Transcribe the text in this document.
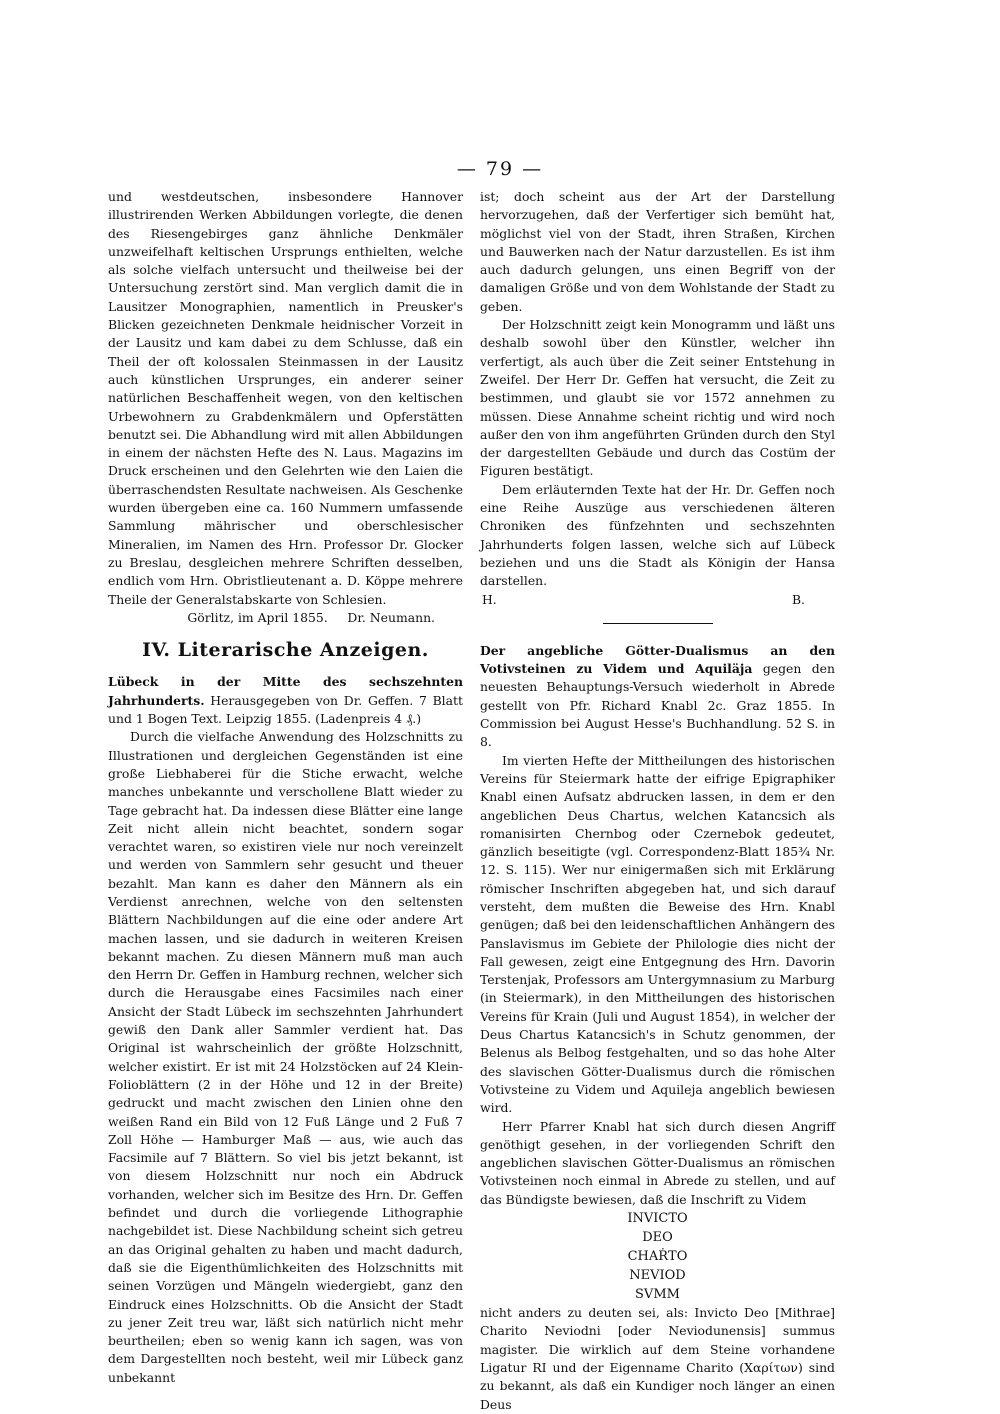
— 79 —

und westdeutschen, insbesondere Hannover illustrirenden Werken Abbildungen vorlegte, die denen des Riesengebirges ganz ähnliche Denkmäler unzweifelhaft keltischen Ursprungs enthielten, welche als solche vielfach untersucht und theilweise bei der Untersuchung zerstört sind. Man verglich damit die in Lausitzer Monographien, namentlich in Preusker's Blicken gezeichneten Denkmale heidnischer Vorzeit in der Lausitz und kam dabei zu dem Schlusse, daß ein Theil der oft kolossalen Steinmassen in der Lausitz auch künstlichen Ursprunges, ein anderer seiner natürlichen Beschaffenheit wegen, von den keltischen Urbewohnern zu Grabdenkmälern und Opferstätten benutzt sei. Die Abhandlung wird mit allen Abbildungen in einem der nächsten Hefte des N. Laus. Magazins im Druck erscheinen und den Gelehrten wie den Laien die überraschendsten Resultate nachweisen. Als Geschenke wurden übergeben eine ca. 160 Nummern umfassende Sammlung mährischer und oberschlesischer Mineralien, im Namen des Hrn. Professor Dr. Glocker zu Breslau, desgleichen mehrere Schriften desselben, endlich vom Hrn. Obristlieutenant a. D. Köppe mehrere Theile der Generalstabskarte von Schlesien.

Görlitz, im April 1855.     Dr. Neumann.

IV. Literarische Anzeigen.

Lübeck in der Mitte des sechszehnten Jahrhunderts. Herausgegeben von Dr. Geffen. 7 Blatt und 1 Bogen Text. Leipzig 1855. (Ladenpreis 4 ₰.)

Durch die vielfache Anwendung des Holzschnitts zu Illustrationen und dergleichen Gegenständen ist eine große Liebhaberei für die Stiche erwacht, welche manches unbekannte und verschollene Blatt wieder zu Tage gebracht hat. Da indessen diese Blätter eine lange Zeit nicht allein nicht beachtet, sondern sogar verachtet waren, so existiren viele nur noch vereinzelt und werden von Sammlern sehr gesucht und theuer bezahlt. Man kann es daher den Männern als ein Verdienst anrechnen, welche von den seltensten Blättern Nachbildungen auf die eine oder andere Art machen lassen, und sie dadurch in weiteren Kreisen bekannt machen. Zu diesen Männern muß man auch den Herrn Dr. Geffen in Hamburg rechnen, welcher sich durch die Herausgabe eines Facsimiles nach einer Ansicht der Stadt Lübeck im sechszehnten Jahrhundert gewiß den Dank aller Sammler verdient hat. Das Original ist wahrscheinlich der größte Holzschnitt, welcher existirt. Er ist mit 24 Holzstöcken auf 24 Klein-Folioblättern (2 in der Höhe und 12 in der Breite) gedruckt und macht zwischen den Linien ohne den weißen Rand ein Bild von 12 Fuß Länge und 2 Fuß 7 Zoll Höhe — Hamburger Maß — aus, wie auch das Facsimile auf 7 Blättern. So viel bis jetzt bekannt, ist von diesem Holzschnitt nur noch ein Abdruck vorhanden, welcher sich im Besitze des Hrn. Dr. Geffen befindet und durch die vorliegende Lithographie nachgebildet ist. Diese Nachbildung scheint sich getreu an das Original gehalten zu haben und macht dadurch, daß sie die Eigenthümlichkeiten des Holzschnitts mit seinen Vorzügen und Mängeln wiedergiebt, ganz den Eindruck eines Holzschnitts. Ob die Ansicht der Stadt zu jener Zeit treu war, läßt sich natürlich nicht mehr beurtheilen; eben so wenig kann ich sagen, was von dem Dargestellten noch besteht, weil mir Lübeck ganz unbekannt

ist; doch scheint aus der Art der Darstellung hervorzugehen, daß der Verfertiger sich bemüht hat, möglichst viel von der Stadt, ihren Straßen, Kirchen und Bauwerken nach der Natur darzustellen. Es ist ihm auch dadurch gelungen, uns einen Begriff von der damaligen Größe und von dem Wohlstande der Stadt zu geben.

Der Holzschnitt zeigt kein Monogramm und läßt uns deshalb sowohl über den Künstler, welcher ihn verfertigt, als auch über die Zeit seiner Entstehung in Zweifel. Der Herr Dr. Geffen hat versucht, die Zeit zu bestimmen, und glaubt sie vor 1572 annehmen zu müssen. Diese Annahme scheint richtig und wird noch außer den von ihm angeführten Gründen durch den Styl der dargestellten Gebäude und durch das Costüm der Figuren bestätigt.

Dem erläuternden Texte hat der Hr. Dr. Geffen noch eine Reihe Auszüge aus verschiedenen älteren Chroniken des fünfzehnten und sechszehnten Jahrhunderts folgen lassen, welche sich auf Lübeck beziehen und uns die Stadt als Königin der Hansa darstellen.

H.	B.

Der angebliche Götter-Dualismus an den Votivsteinen zu Videm und Aquiläja gegen den neuesten Behauptungs-Versuch wiederholt in Abrede gestellt von Pfr. Richard Knabl 2c. Graz 1855. In Commission bei August Hesse's Buchhandlung. 52 S. in 8.

Im vierten Hefte der Mittheilungen des historischen Vereins für Steiermark hatte der eifrige Epigraphiker Knabl einen Aufsatz abdrucken lassen, in dem er den angeblichen Deus Chartus, welchen Katancsich als romanisirten Chernbog oder Czernebok gedeutet, gänzlich beseitigte (vgl. Correspondenz-Blatt 185¾ Nr. 12. S. 115). Wer nur einigermaßen sich mit Erklärung römischer Inschriften abgegeben hat, und sich darauf versteht, dem mußten die Beweise des Hrn. Knabl genügen; daß bei den leidenschaftlichen Anhängern des Panslavismus im Gebiete der Philologie dies nicht der Fall gewesen, zeigt eine Entgegnung des Hrn. Davorin Terstenjak, Professors am Untergymnasium zu Marburg (in Steiermark), in den Mittheilungen des historischen Vereins für Krain (Juli und August 1854), in welcher der Deus Chartus Katancsich's in Schutz genommen, der Belenus als Belbog festgehalten, und so das hohe Alter des slavischen Götter-Dualismus durch die römischen Votivsteine zu Videm und Aquileja angeblich bewiesen wird.

Herr Pfarrer Knabl hat sich durch diesen Angriff genöthigt gesehen, in der vorliegenden Schrift den angeblichen slavischen Götter-Dualismus an römischen Votivsteinen noch einmal in Abrede zu stellen, und auf das Bündigste bewiesen, daß die Inschrift zu Videm

INVICTO
DEO
CHAṘTO
NEVIOD
SVMM

nicht anders zu deuten sei, als: Invicto Deo [Mithrae] Charito Neviodni [oder Neviodunensis] summus magister. Die wirklich auf dem Steine vorhandene Ligatur RI und der Eigenname Charito (Χαρίτων) sind zu bekannt, als daß ein Kundiger noch länger an einen Deus
